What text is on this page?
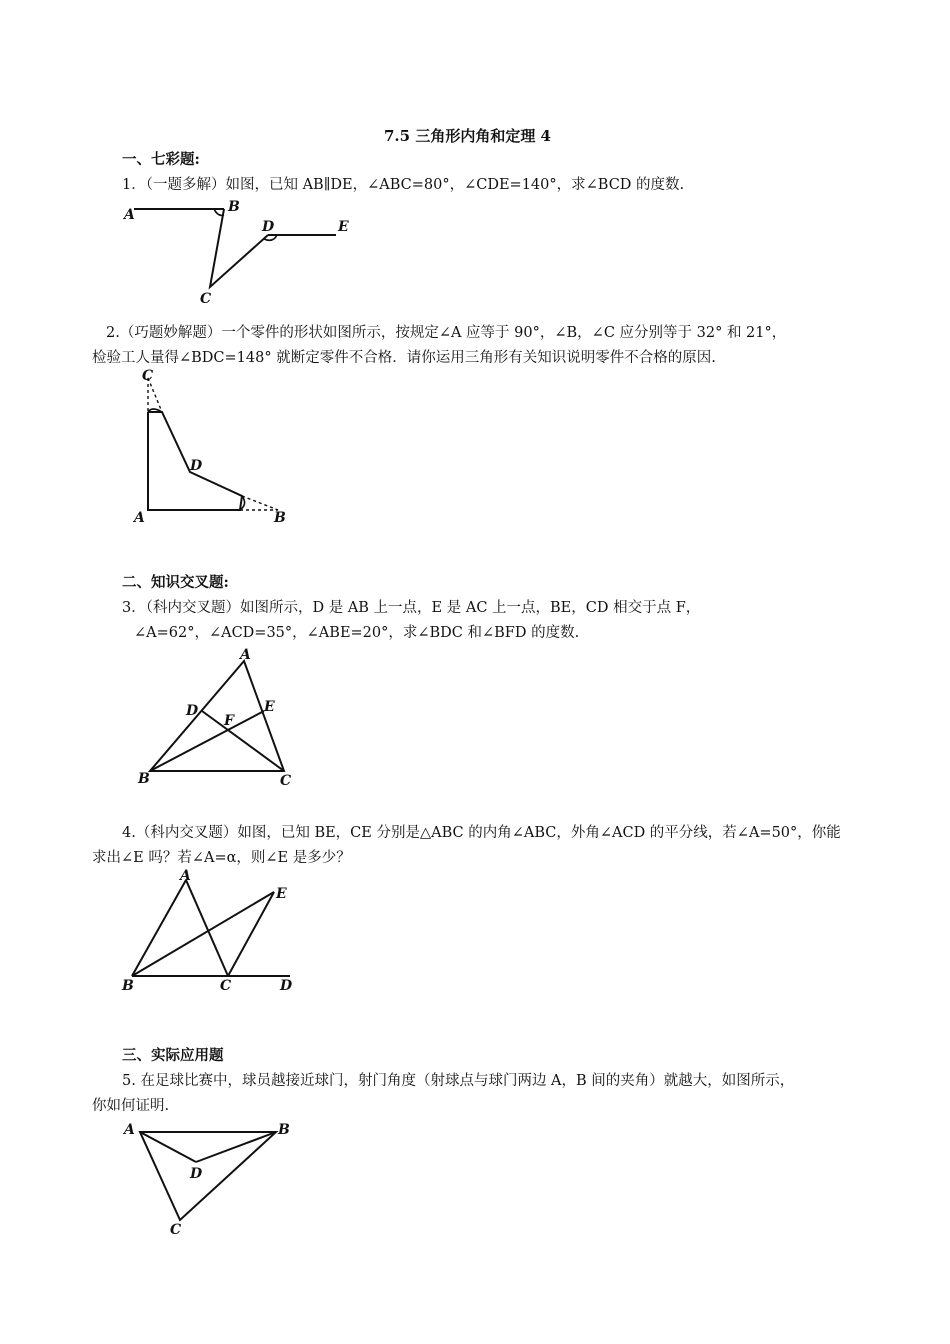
7.5 三角形内角和定理 4
一、七彩题:
1．（一题多解）如图，已知 AB∥DE，∠ABC=80°，∠CDE=140°，求∠BCD 的度数.
A	B
C
D	E
2.（巧题妙解题）一个零件的形状如图所示，按规定∠A 应等于 90°，∠B，∠C 应分别等于 32° 和 21°，
检验工人量得∠BDC=148° 就断定零件不合格．请你运用三角形有关知识说明零件不合格的原因.
C
D
A	B
二、知识交叉题:
3．（科内交叉题）如图所示，D 是 AB 上一点，E 是 AC 上一点，BE，CD 相交于点 F，
∠A=62°，∠ACD=35°，∠ABE=20°，求∠BDC 和∠BFD 的度数.
A
D	E
F
B	C
4.（科内交叉题）如图，已知 BE，CE 分别是△ABC 的内角∠ABC，外角∠ACD 的平分线，若∠A=50°，你能
求出∠E 吗？若∠A=α，则∠E 是多少？
A
E
B	C	D
三、实际应用题
5. 在足球比赛中，球员越接近球门，射门角度（射球点与球门两边 A，B 间的夹角）就越大，如图所示，
你如何证明.
A	B
D
C
